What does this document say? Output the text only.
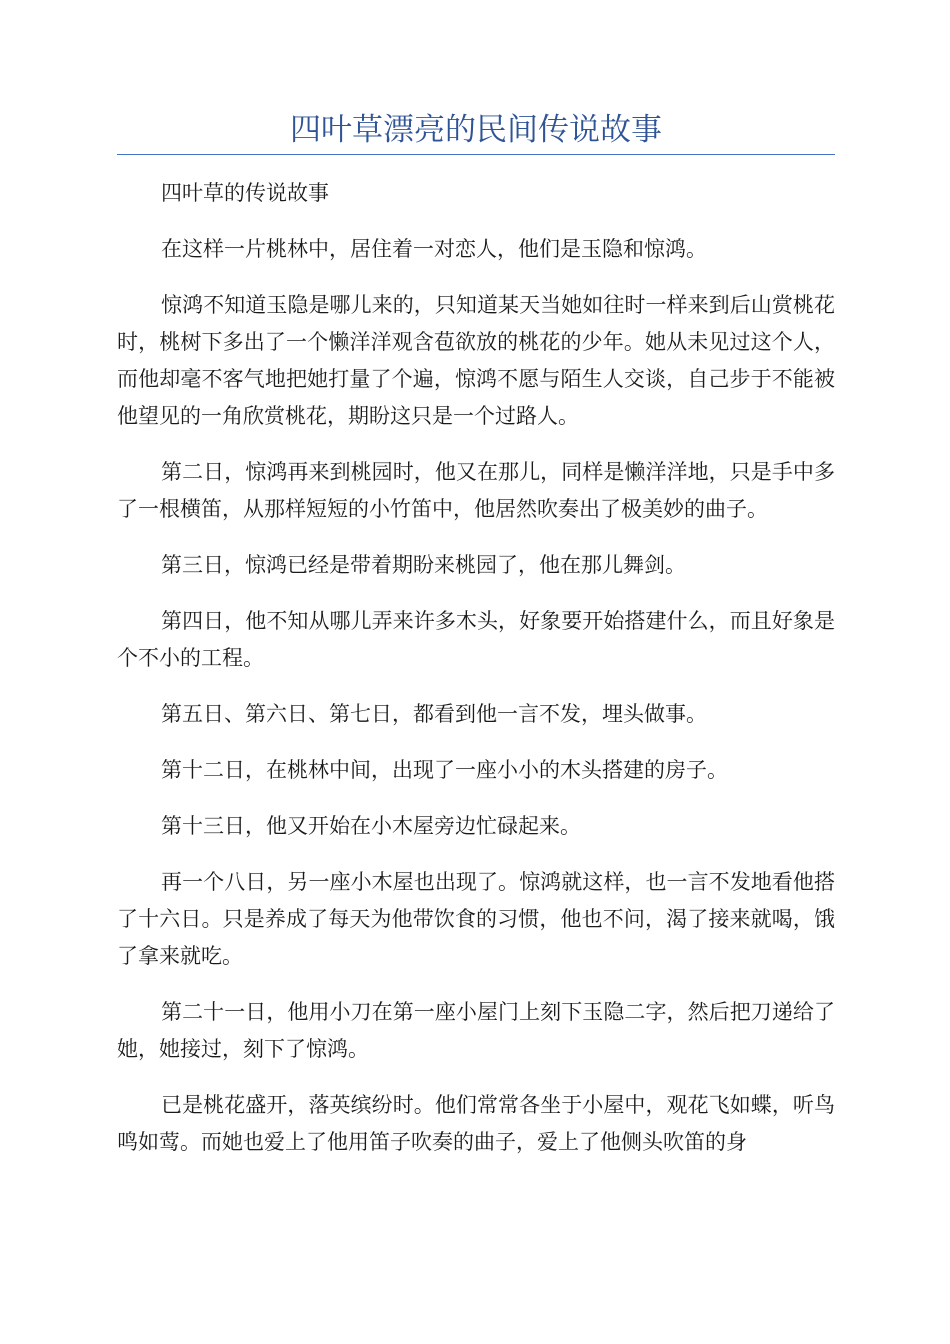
四叶草漂亮的民间传说故事

四叶草的传说故事

在这样一片桃林中，居住着一对恋人，他们是玉隐和惊鸿。

惊鸿不知道玉隐是哪儿来的，只知道某天当她如往时一样来到后山赏桃花时，桃树下多出了一个懒洋洋观含苞欲放的桃花的少年。她从未见过这个人，而他却毫不客气地把她打量了个遍，惊鸿不愿与陌生人交谈，自己步于不能被他望见的一角欣赏桃花，期盼这只是一个过路人。

第二日，惊鸿再来到桃园时，他又在那儿，同样是懒洋洋地，只是手中多了一根横笛，从那样短短的小竹笛中，他居然吹奏出了极美妙的曲子。

第三日，惊鸿已经是带着期盼来桃园了，他在那儿舞剑。

第四日，他不知从哪儿弄来许多木头，好象要开始搭建什么，而且好象是个不小的工程。

第五日、第六日、第七日，都看到他一言不发，埋头做事。

第十二日，在桃林中间，出现了一座小小的木头搭建的房子。

第十三日，他又开始在小木屋旁边忙碌起来。

再一个八日，另一座小木屋也出现了。惊鸿就这样，也一言不发地看他搭了十六日。只是养成了每天为他带饮食的习惯，他也不问，渴了接来就喝，饿了拿来就吃。

第二十一日，他用小刀在第一座小屋门上刻下玉隐二字，然后把刀递给了她，她接过，刻下了惊鸿。

已是桃花盛开，落英缤纷时。他们常常各坐于小屋中，观花飞如蝶，听鸟鸣如莺。而她也爱上了他用笛子吹奏的曲子，爱上了他侧头吹笛的身
